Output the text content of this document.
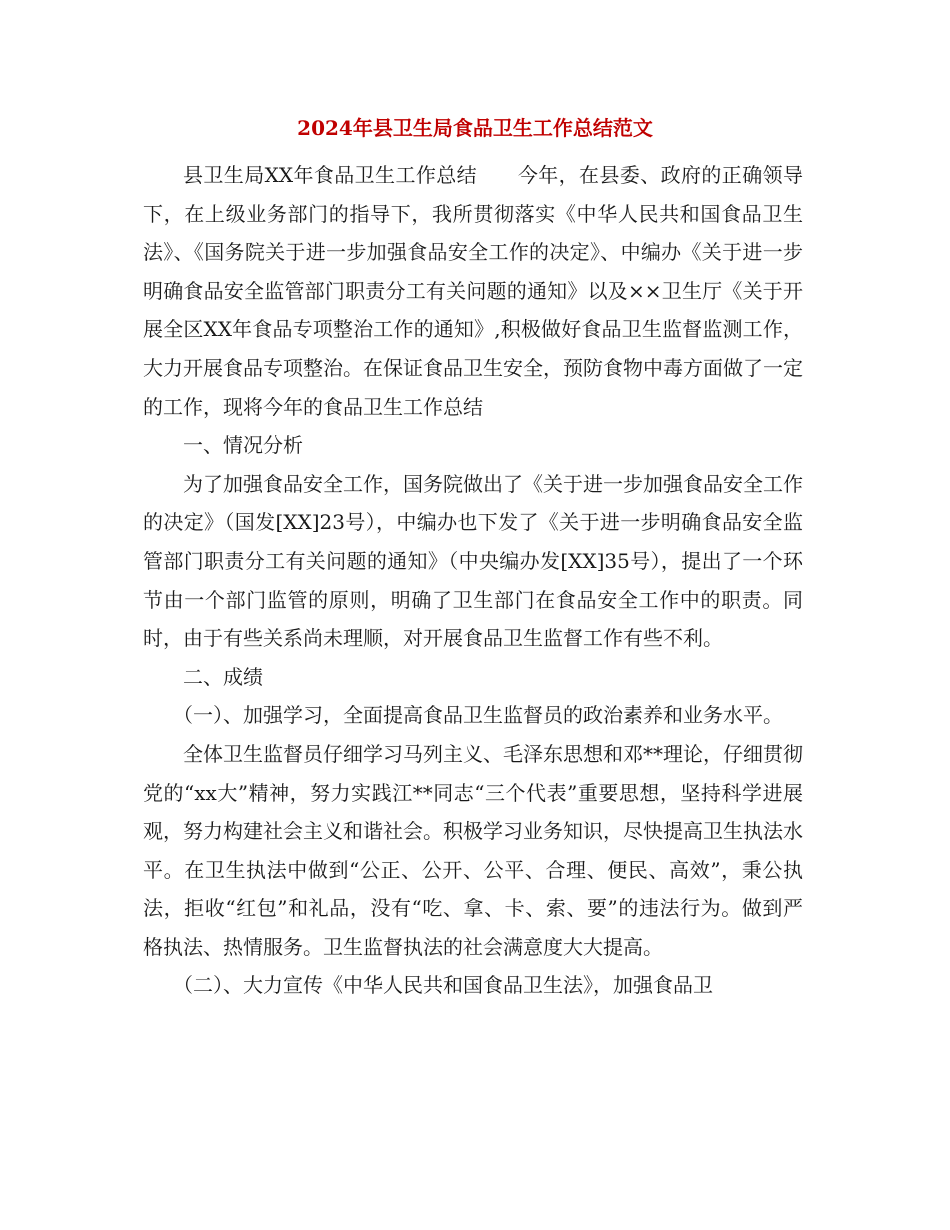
2024年县卫生局食品卫生工作总结范文

县卫生局XX年食品卫生工作总结　　今年，在县委、政府的正确领导下，在上级业务部门的指导下，我所贯彻落实《中华人民共和国食品卫生法》、《国务院关于进一步加强食品安全工作的决定》、中编办《关于进一步明确食品安全监管部门职责分工有关问题的通知》以及××卫生厅《关于开展全区XX年食品专项整治工作的通知》,积极做好食品卫生监督监测工作，大力开展食品专项整治。在保证食品卫生安全，预防食物中毒方面做了一定的工作，现将今年的食品卫生工作总结

一、情况分析

为了加强食品安全工作，国务院做出了《关于进一步加强食品安全工作的决定》（国发[XX]23号），中编办也下发了《关于进一步明确食品安全监管部门职责分工有关问题的通知》（中央编办发[XX]35号），提出了一个环节由一个部门监管的原则，明确了卫生部门在食品安全工作中的职责。同时，由于有些关系尚未理顺，对开展食品卫生监督工作有些不利。

二、成绩

（一）、加强学习，全面提高食品卫生监督员的政治素养和业务水平。

全体卫生监督员仔细学习马列主义、毛泽东思想和邓**理论，仔细贯彻党的“xx大”精神，努力实践江**同志“三个代表”重要思想，坚持科学进展观，努力构建社会主义和谐社会。积极学习业务知识，尽快提高卫生执法水平。在卫生执法中做到“公正、公开、公平、合理、便民、高效”，秉公执法，拒收“红包”和礼品，没有“吃、拿、卡、索、要”的违法行为。做到严格执法、热情服务。卫生监督执法的社会满意度大大提高。

（二）、大力宣传《中华人民共和国食品卫生法》，加强食品卫
